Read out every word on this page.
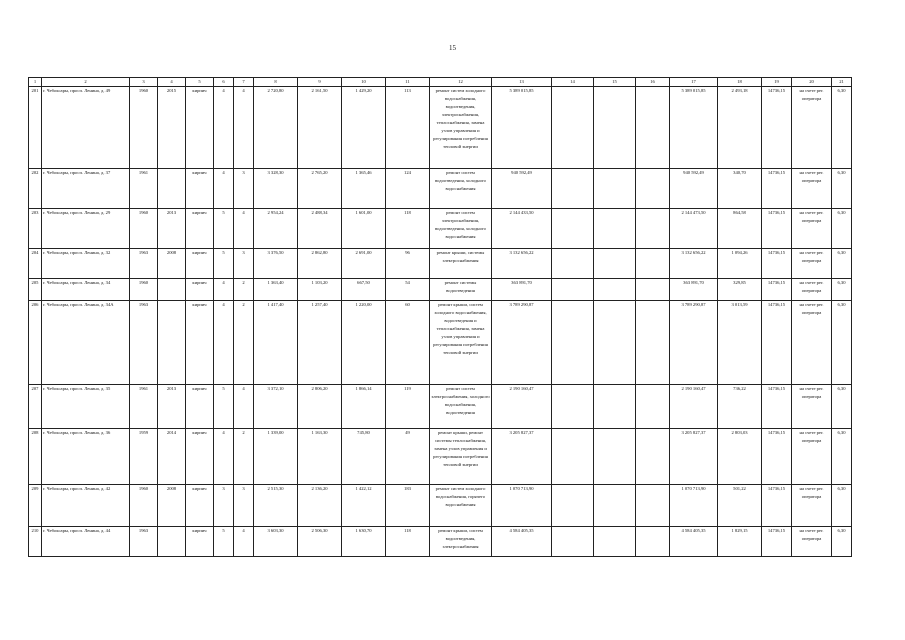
15
1	2	3	4	5	6	7	8	9	10	11	12	13	14	15	16	17	18	19	20	21
201	г. Чебоксары, просп. Ленина, д. 49	1960	2015	кирпич	4	4	2 720,80	2 161,50	1 429,20	113	ремонт систем холодного водоснабжения, водоотведения, электроснабжения, теплоснабжения, замена узлов управления и регулирования потребления тепловой энергии	5 389 015,85				5 389 015,85	2 493,18	14736,15	на счете рег. оператора	6,30
202	г. Чебоксары, просп. Ленина, д. 37	1961		кирпич	4	3	3 328,30	2 765,20	1 365,46	124	ремонт систем водоотведения, холодного водоснабжения	940 592,49				940 592,49	340,70	14736,15	на счете рег. оператора	6,30
203	г. Чебоксары, просп. Ленина, д. 29	1960	2013	кирпич	5	4	2 954,24	2 488,34	1 601,00	118	ремонт систем электроснабжения, водоотведения, холодного водоснабжения	2 144 433,50				2 144 473,50	864,58	14736,15	на счете рег. оператора	6,30
204	г. Чебоксары, просп. Ленина, д. 32	1963	2008	кирпич	5	3	3 376,50	2 862,80	2 691,00	96	ремонт крыши, системы электроснабжения	3 132 656,22				3 132 656,22	1 094,26	14736,15	на счете рег. оператора	6,30
205	г. Чебоксары, просп. Ленина, д. 34	1960		кирпич	4	2	1 363,40	1 103,20	667,50	54	ремонт системы водоотведения	363 891,70				363 891,70	329,85	14736,15	на счете рег. оператора	6,30
206	г. Чебоксары, просп. Ленина, д. 34А	1963		кирпич	4	2	1 417,40	1 257,40	1 220,00	60	ремонт крыши, систем холодного водоснабжения, водоотведения и теплоснабжения, замена узлов управления и регулирования потребления тепловой энергии	3 789 290,87				3 789 290,87	3 013,59	14736,15	на счете рег. оператора	6,30
207	г. Чебоксары, просп. Ленина, д. 35	1961	2013	кирпич	5	4	3 372,10	2 806,20	1 866,14	119	ремонт систем электроснабжения, холодного водоснабжения, водоотведения	2 190 160,47				2 190 160,47	736,22	14736,15	на счете рег. оператора	6,30
208	г. Чебоксары, просп. Ленина, д. 36	1959	2014	кирпич	4	2	1 339,00	1 163,30	745,80	49	ремонт крыши, ремонт системы теплоснабжения, замена узлов управления и регулирования потребления тепловой энергии	3 205 827,37				3 205 827,37	2 803,03	14736,15	на счете рег. оператора	6,30
209	г. Чебоксары, просп. Ленина, д. 42	1960	2008	кирпич	3	3	2 515,30	2 136,20	1 422,12	183	ремонт систем холодного водоснабжения, горячего водоснабжения	1 070 713,90				1 070 713,90	501,22	14736,15	на счете рег. оператора	6,30
210	г. Чебоксары, просп. Ленина, д. 44	1963		кирпич	5	4	3 603,30	2 506,30	1 630,70	118	ремонт крыши, систем водоотведения, электроснабжения	4 584 405,35				4 584 405,35	1 829,15	14736,15	на счете рег. оператора	6,30
